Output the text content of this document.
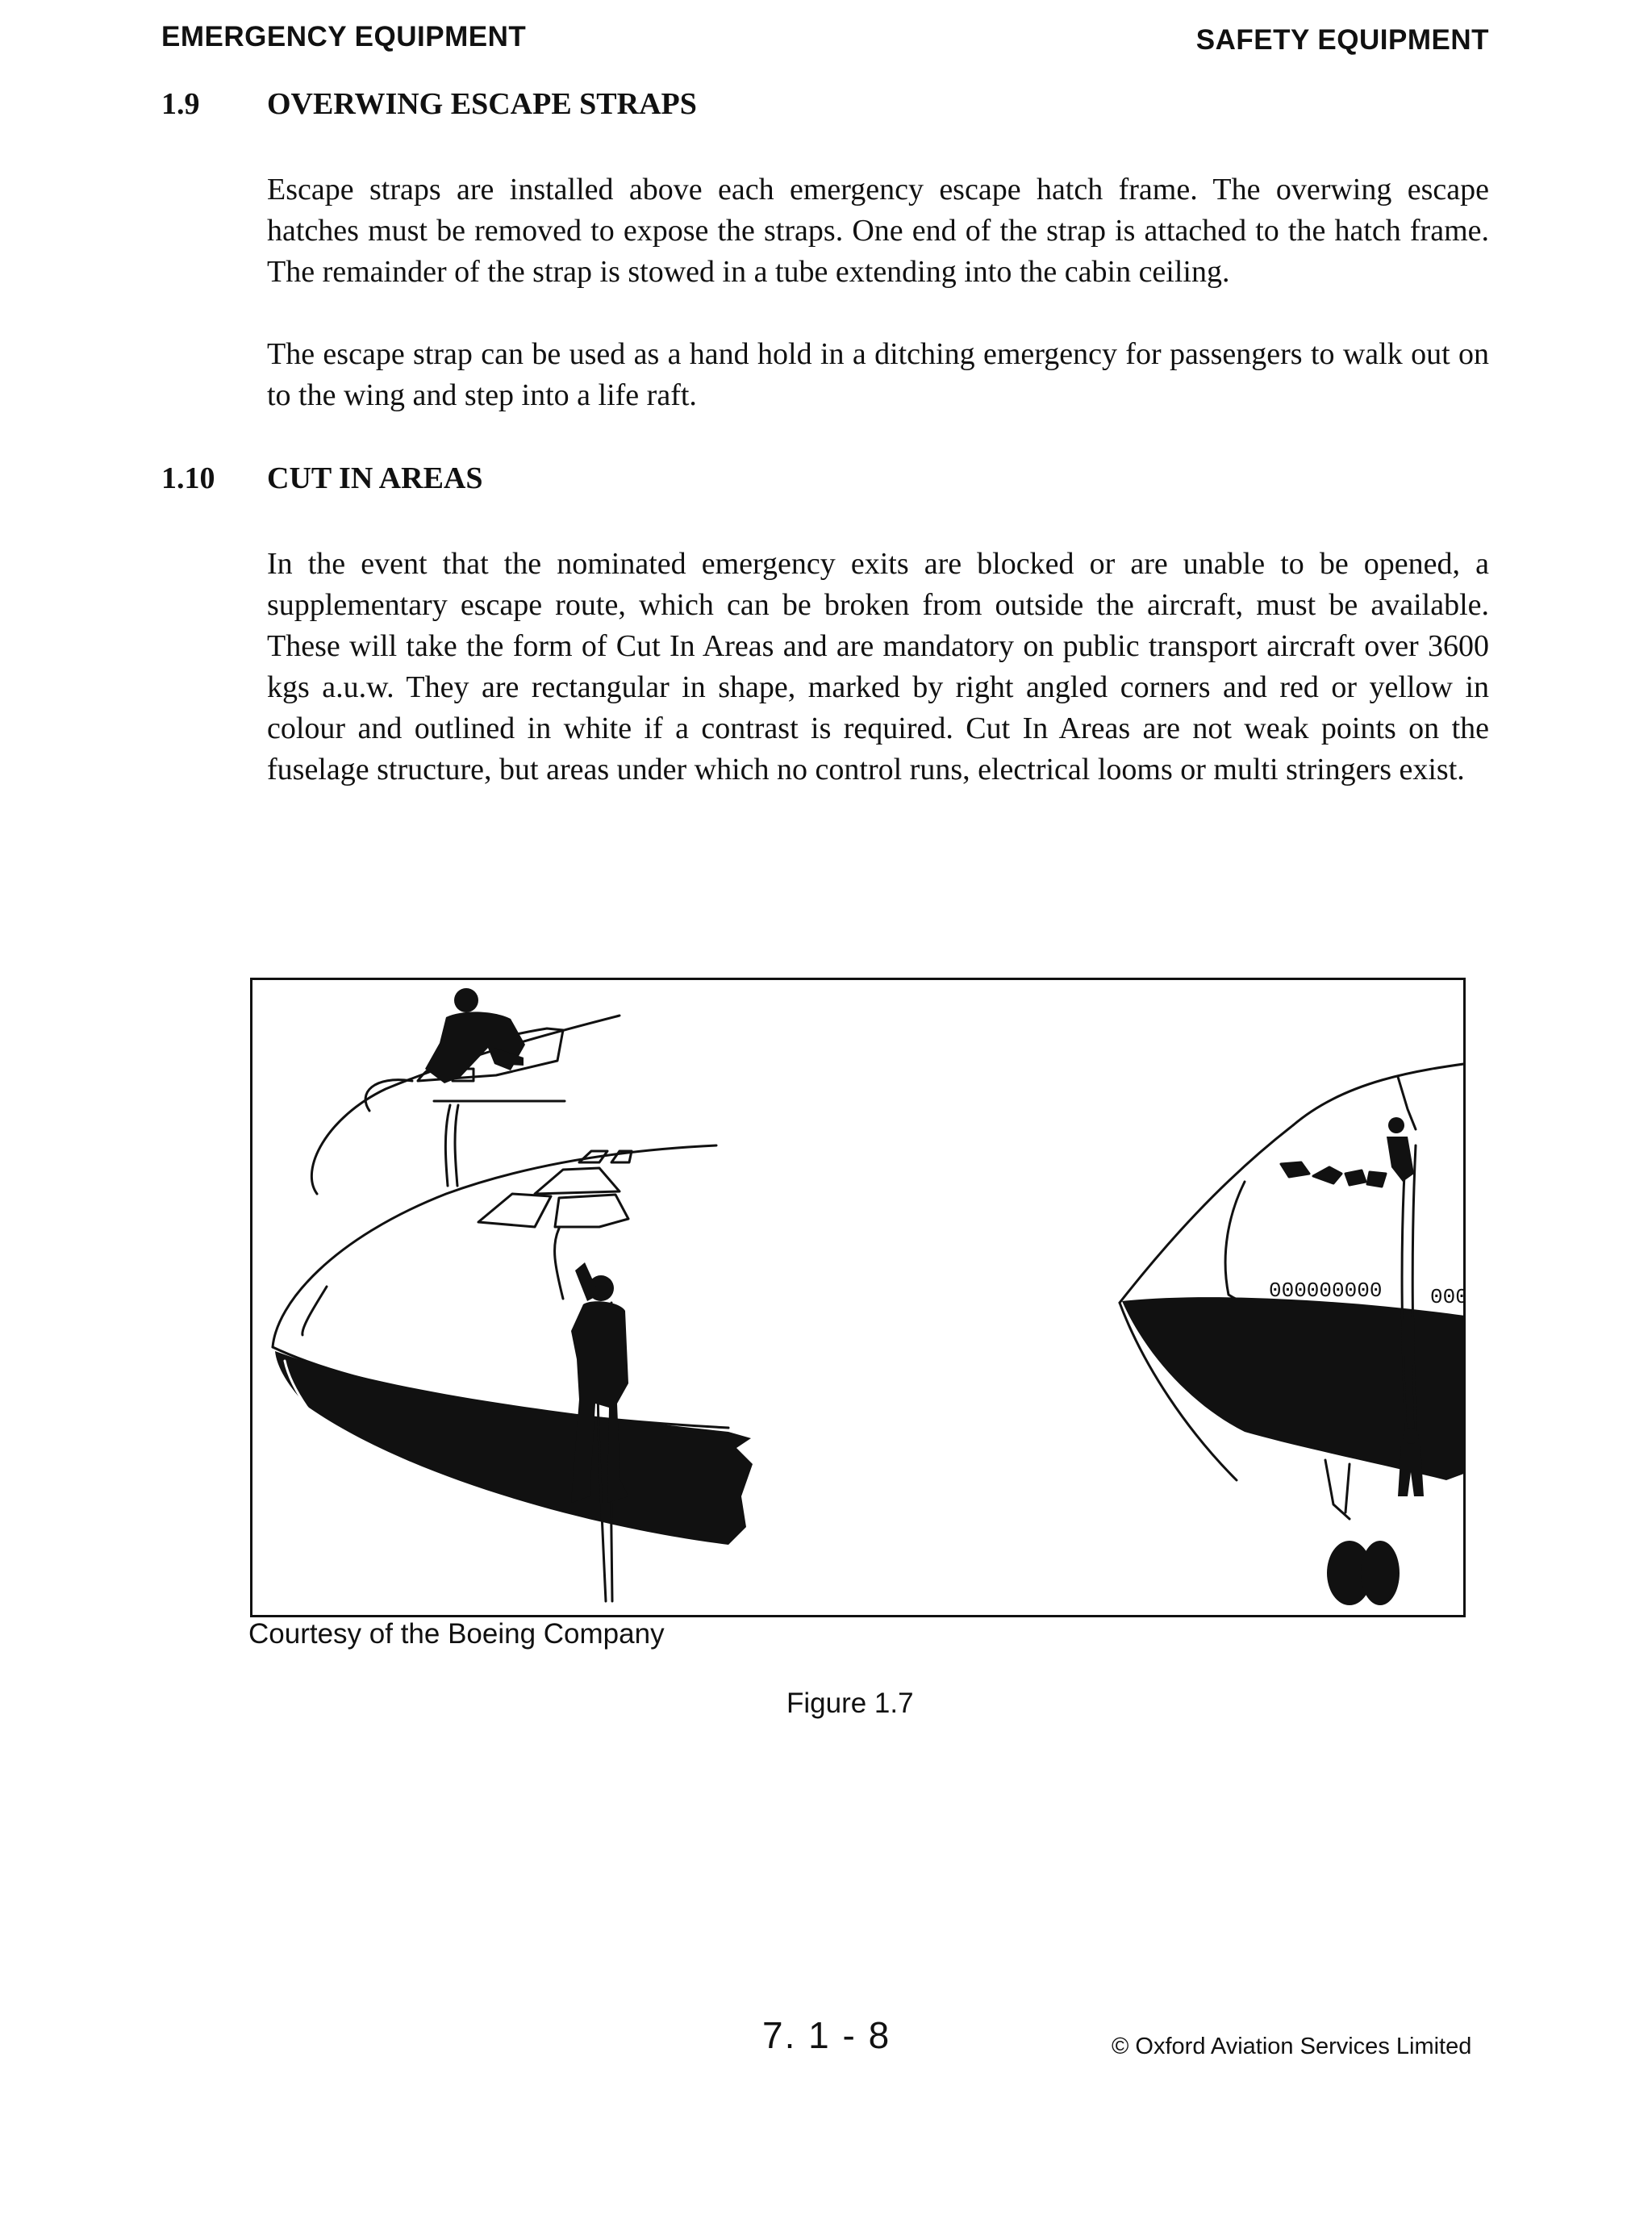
EMERGENCY EQUIPMENT	SAFETY EQUIPMENT
1.9 OVERWING ESCAPE STRAPS

Escape straps are installed above each emergency escape hatch frame. The overwing escape hatches must be removed to expose the straps. One end of the strap is attached to the hatch frame. The remainder of the strap is stowed in a tube extending into the cabin ceiling.

The escape strap can be used as a hand hold in a ditching emergency for passengers to walk out on to the wing and step into a life raft.

1.10 CUT IN AREAS

In the event that the nominated emergency exits are blocked or are unable to be opened, a supplementary escape route, which can be broken from outside the aircraft, must be available. These will take the form of Cut In Areas and are mandatory on public transport aircraft over 3600 kgs a.u.w. They are rectangular in shape, marked by right angled corners and red or yellow in colour and outlined in white if a contrast is required. Cut In Areas are not weak points on the fuselage structure, but areas under which no control runs, electrical looms or multi stringers exist.

000000000 000
Courtesy of the Boeing Company
Figure 1.7
7. 1 - 8	© Oxford Aviation Services Limited
